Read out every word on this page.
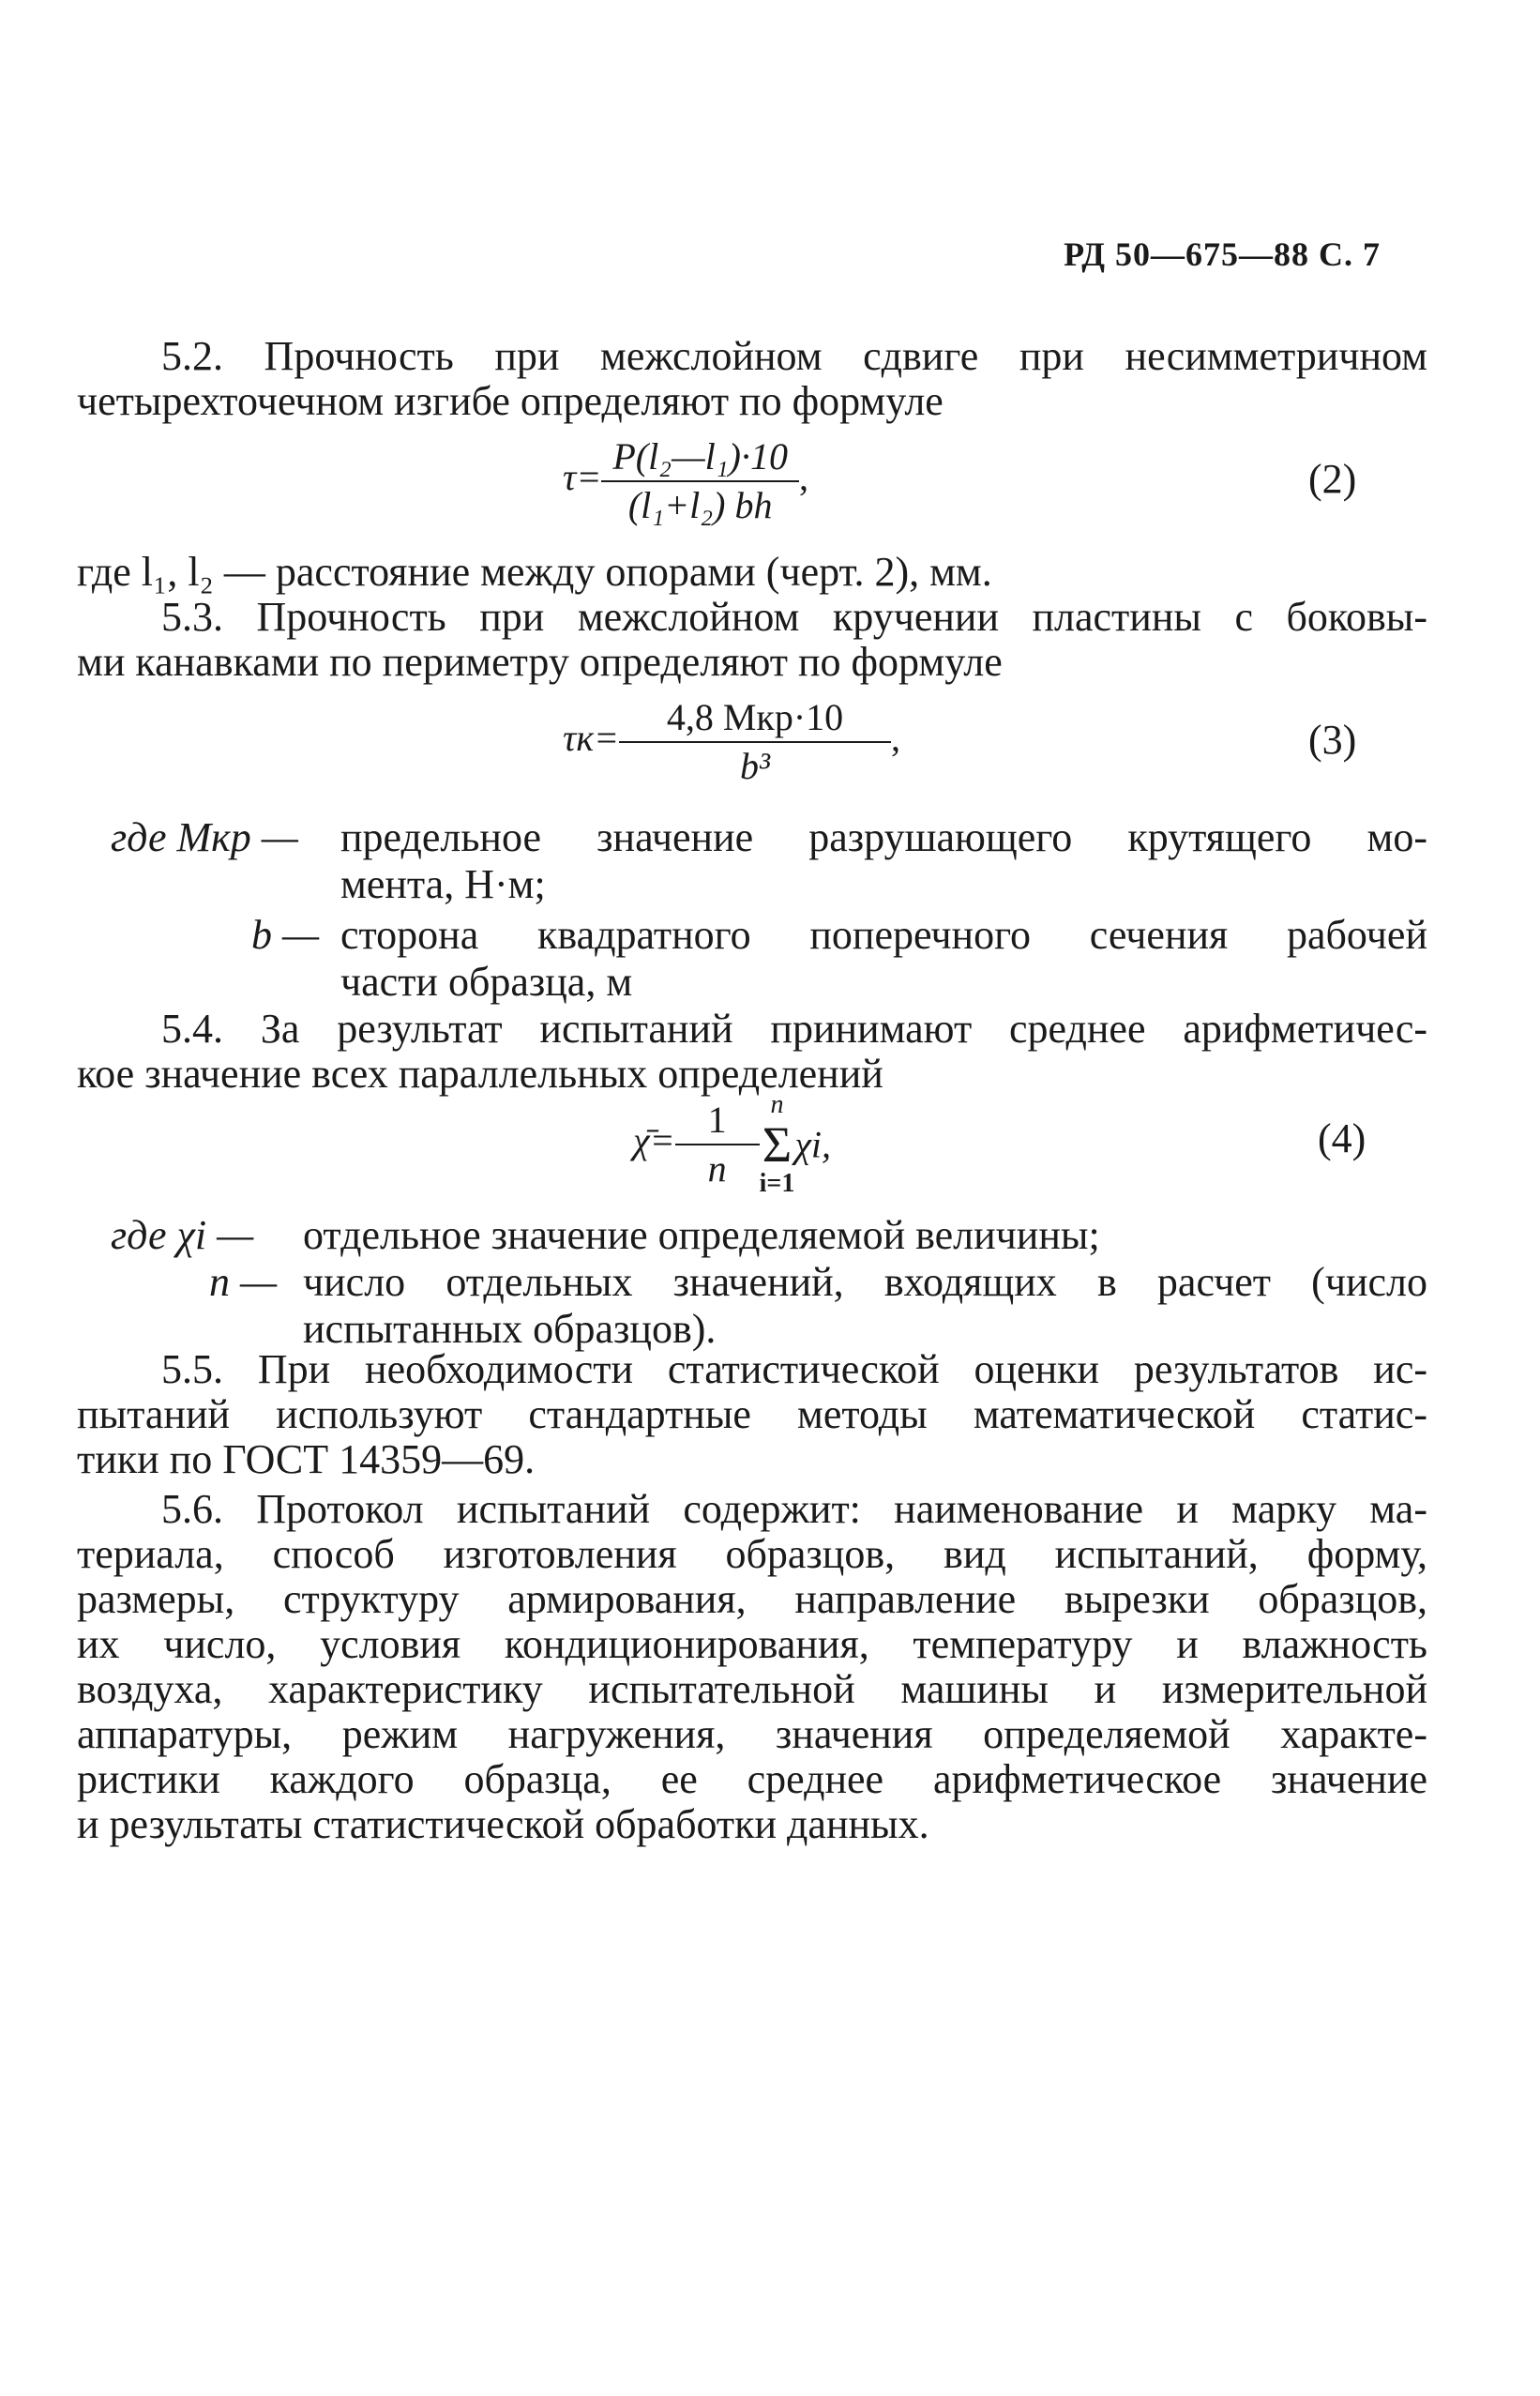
РД 50—675—88 С. 7
5.2. Прочность при межслойном сдвиге при несимметричном
четырехточечном изгибе определяют по формуле
$\tau= \frac{\text{P(l₂—l₁)·10}}{\text{(l₁+l₂) bh}}$ ,	(2)
где l₁, l₂ — расстояние между опорами (черт. 2), мм.
5.3. Прочность при межслойном кручении пластины с боковы-
ми канавками по периметру определяют по формуле
$\tau к= \frac{\text{4,8 Mкр·10}}{\text{b³}}$ ,	(3)
где Mкр — предельное значение разрушающего крутящего мо-
мента, Н·м;
b — сторона квадратного поперечного сечения рабочей
части образца, м
5.4. За результат испытаний принимают среднее арифметичес-
кое значение всех параллельных определений
χ̄= $\frac{1}{n}$ n
Σ
i=1
χi,	(4)
где χi — отдельное значение определяемой величины;
n — число отдельных значений, входящих в расчет (число
испытанных образцов).
5.5. При необходимости статистической оценки результатов ис-
пытаний используют стандартные методы математической статис-
тики по ГОСТ 14359—69.
5.6. Протокол испытаний содержит: наименование и марку ма-
териала, способ изготовления образцов, вид испытаний, форму,
размеры, структуру армирования, направление вырезки образцов,
их число, условия кондиционирования, температуру и влажность
воздуха, характеристику испытательной машины и измерительной
аппаратуры, режим нагружения, значения определяемой характе-
ристики каждого образца, ее среднее арифметическое значение
и результаты статистической обработки данных.
